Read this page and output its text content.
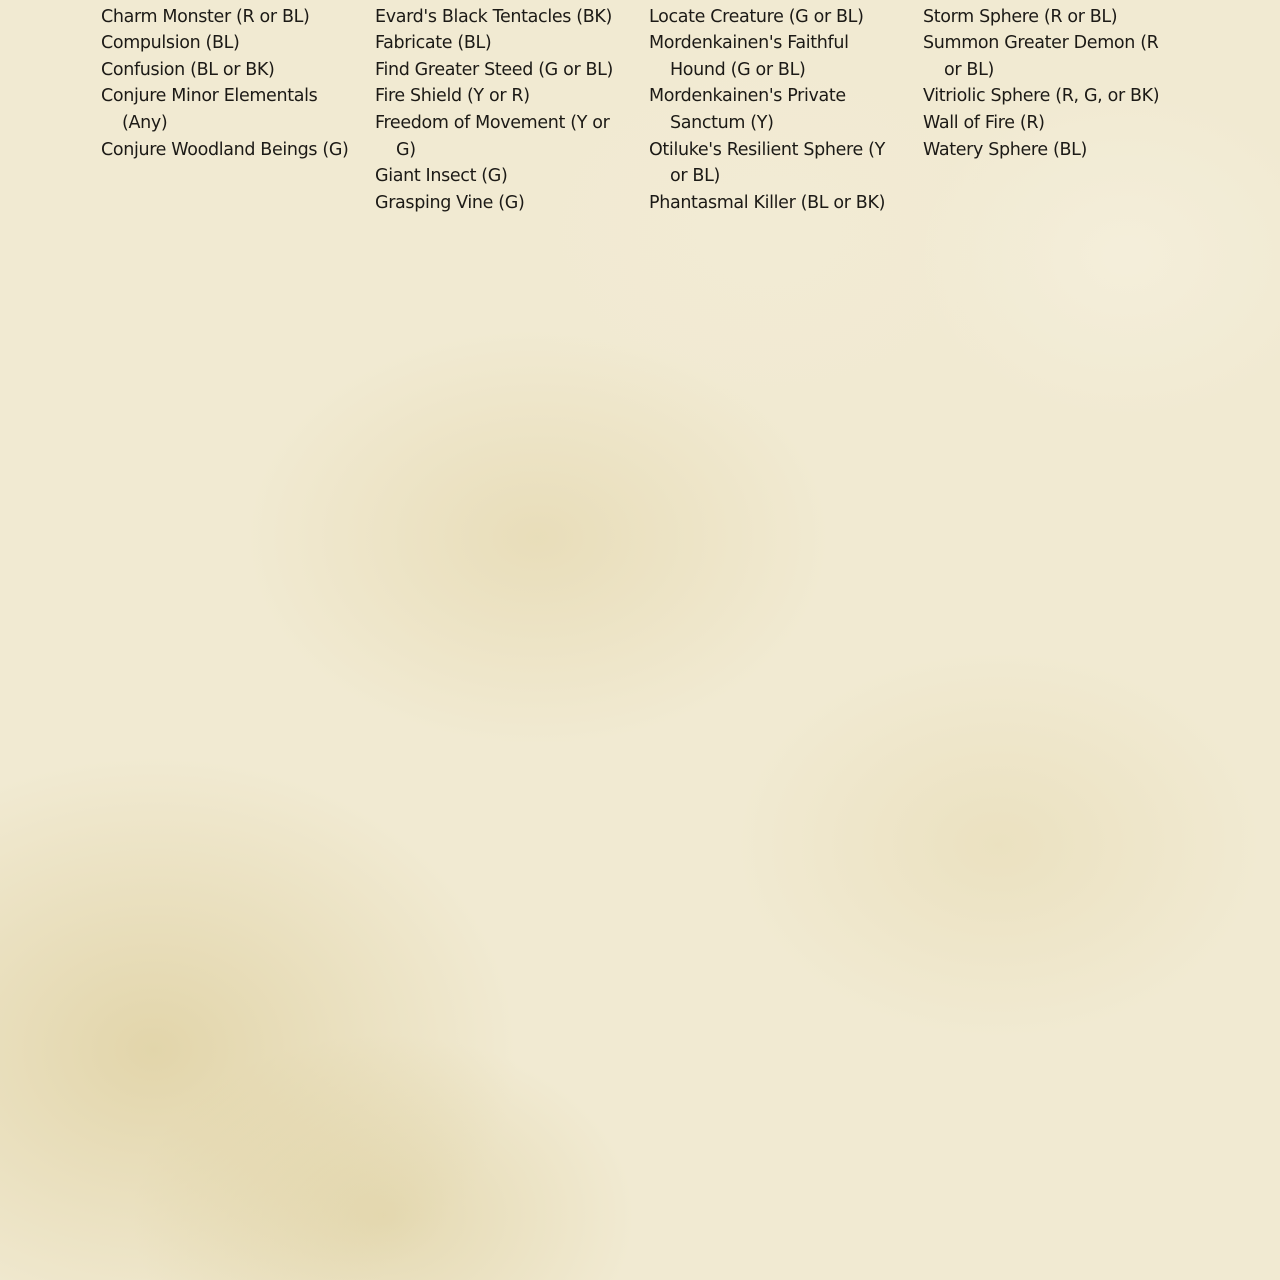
Charm Monster (R or BL)
Compulsion (BL)
Confusion (BL or BK)
Conjure Minor Elementals (Any)
Conjure Woodland Beings (G)
Evard's Black Tentacles (BK)
Fabricate (BL)
Find Greater Steed (G or BL)
Fire Shield (Y or R)
Freedom of Movement (Y or G)
Giant Insect (G)
Grasping Vine (G)
Locate Creature (G or BL)
Mordenkainen's Faithful Hound (G or BL)
Mordenkainen's Private Sanctum (Y)
Otiluke's Resilient Sphere (Y or BL)
Phantasmal Killer (BL or BK)
Storm Sphere (R or BL)
Summon Greater Demon (R or BL)
Vitriolic Sphere (R, G, or BK)
Wall of Fire (R)
Watery Sphere (BL)
